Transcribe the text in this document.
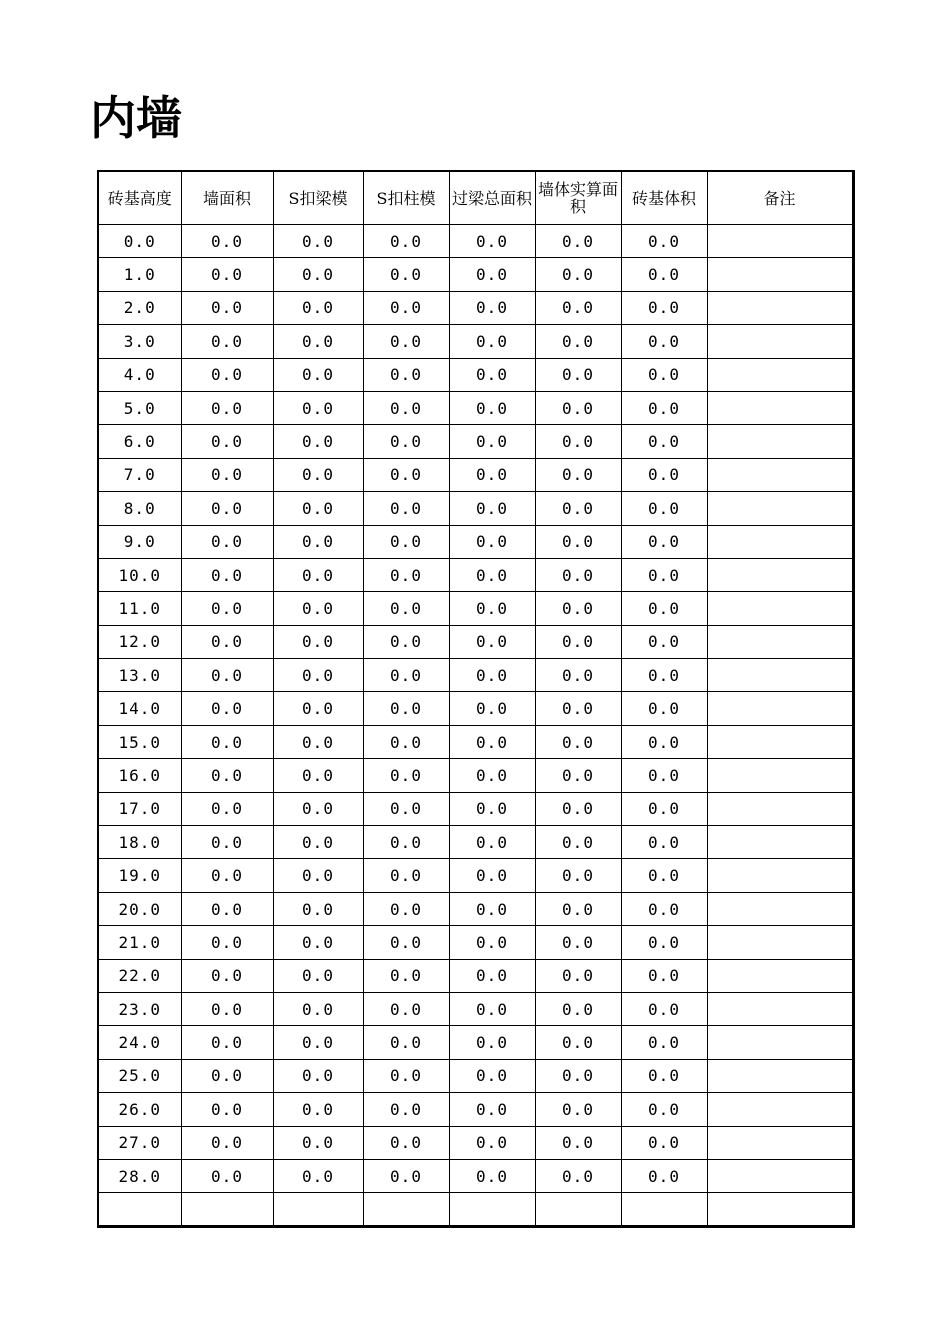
内墙
砖基高度	墙面积	S扣梁模	S扣柱模	过梁总面积	墙体实算面积	砖基体积	备注
0.0	0.0	0.0	0.0	0.0	0.0	0.0	
1.0	0.0	0.0	0.0	0.0	0.0	0.0	
2.0	0.0	0.0	0.0	0.0	0.0	0.0	
3.0	0.0	0.0	0.0	0.0	0.0	0.0	
4.0	0.0	0.0	0.0	0.0	0.0	0.0	
5.0	0.0	0.0	0.0	0.0	0.0	0.0	
6.0	0.0	0.0	0.0	0.0	0.0	0.0	
7.0	0.0	0.0	0.0	0.0	0.0	0.0	
8.0	0.0	0.0	0.0	0.0	0.0	0.0	
9.0	0.0	0.0	0.0	0.0	0.0	0.0	
10.0	0.0	0.0	0.0	0.0	0.0	0.0	
11.0	0.0	0.0	0.0	0.0	0.0	0.0	
12.0	0.0	0.0	0.0	0.0	0.0	0.0	
13.0	0.0	0.0	0.0	0.0	0.0	0.0	
14.0	0.0	0.0	0.0	0.0	0.0	0.0	
15.0	0.0	0.0	0.0	0.0	0.0	0.0	
16.0	0.0	0.0	0.0	0.0	0.0	0.0	
17.0	0.0	0.0	0.0	0.0	0.0	0.0	
18.0	0.0	0.0	0.0	0.0	0.0	0.0	
19.0	0.0	0.0	0.0	0.0	0.0	0.0	
20.0	0.0	0.0	0.0	0.0	0.0	0.0	
21.0	0.0	0.0	0.0	0.0	0.0	0.0	
22.0	0.0	0.0	0.0	0.0	0.0	0.0	
23.0	0.0	0.0	0.0	0.0	0.0	0.0	
24.0	0.0	0.0	0.0	0.0	0.0	0.0	
25.0	0.0	0.0	0.0	0.0	0.0	0.0	
26.0	0.0	0.0	0.0	0.0	0.0	0.0	
27.0	0.0	0.0	0.0	0.0	0.0	0.0	
28.0	0.0	0.0	0.0	0.0	0.0	0.0	
